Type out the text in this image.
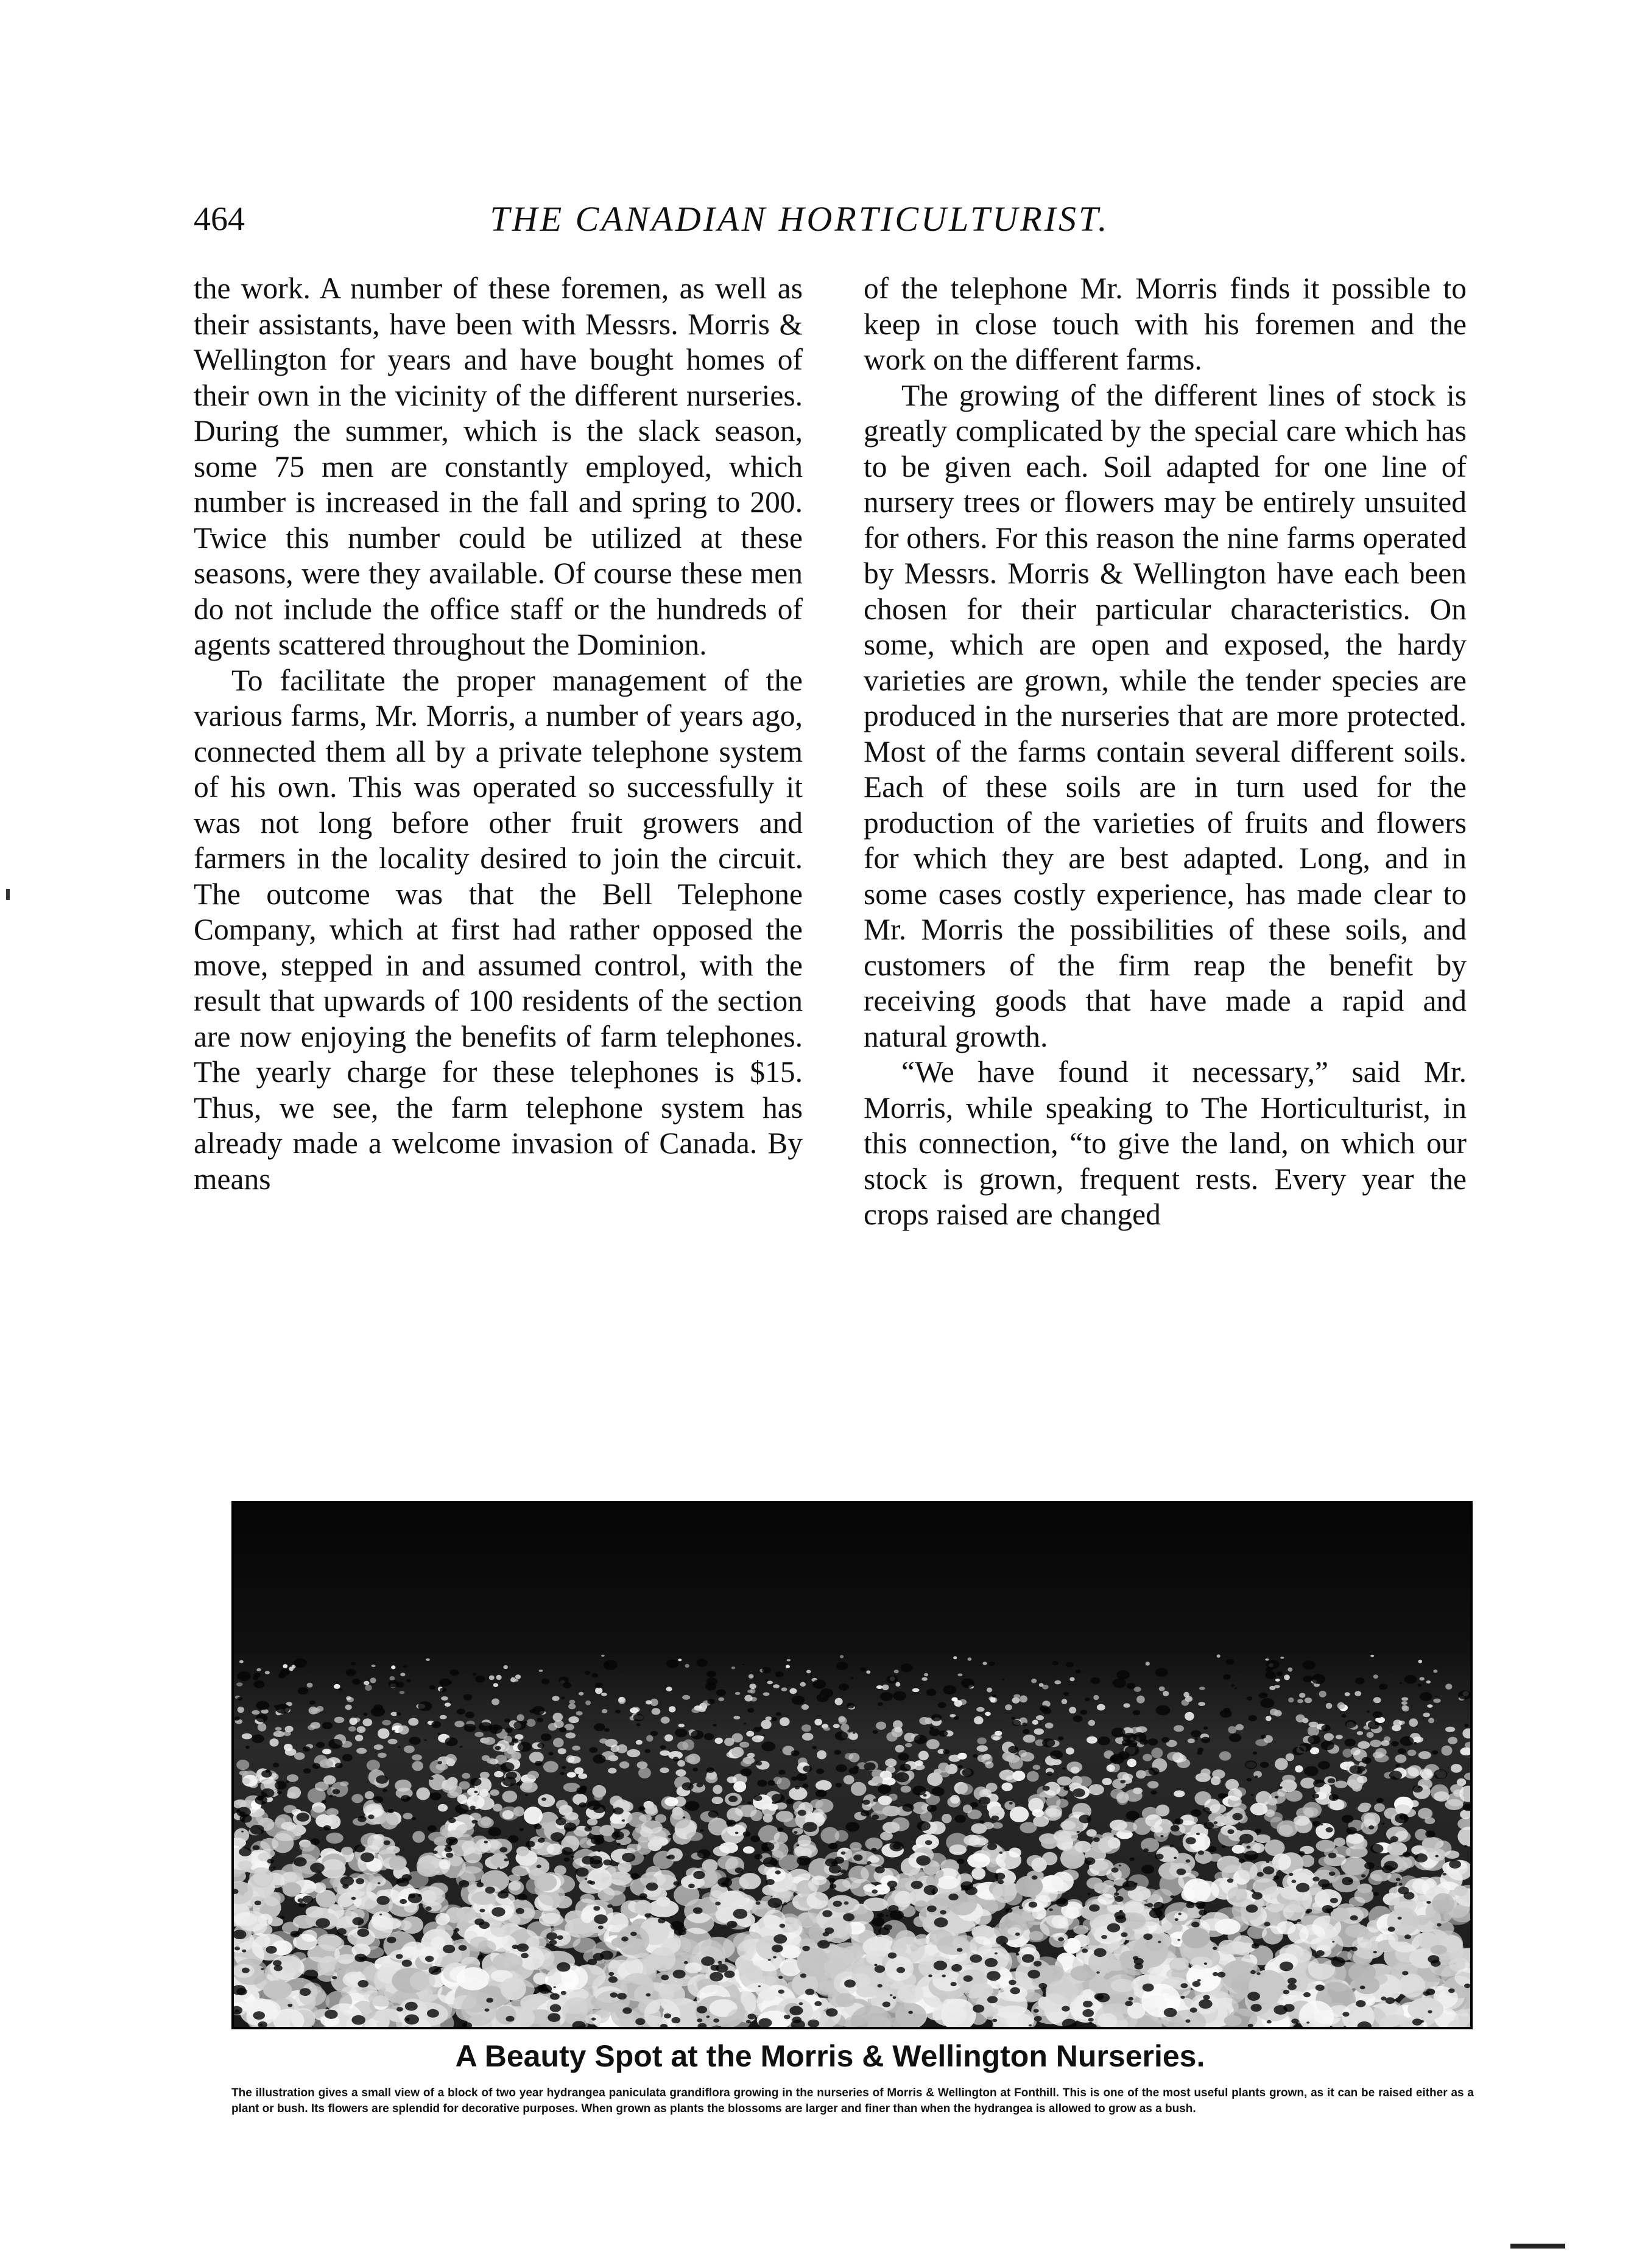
464	THE CANADIAN HORTICULTURIST.

the work. A number of these foremen, as well as their assistants, have been with Messrs. Morris & Wellington for years and have bought homes of their own in the vicinity of the different nurseries. During the summer, which is the slack season, some 75 men are constantly employed, which number is increased in the fall and spring to 200. Twice this number could be utilized at these seasons, were they available. Of course these men do not include the office staff or the hundreds of agents scattered throughout the Dominion.

To facilitate the proper management of the various farms, Mr. Morris, a number of years ago, connected them all by a private telephone system of his own. This was operated so successfully it was not long before other fruit growers and farmers in the locality desired to join the circuit. The outcome was that the Bell Telephone Company, which at first had rather opposed the move, stepped in and assumed control, with the result that upwards of 100 residents of the section are now enjoying the benefits of farm telephones. The yearly charge for these telephones is $15. Thus, we see, the farm telephone system has already made a welcome invasion of Canada. By means

of the telephone Mr. Morris finds it possible to keep in close touch with his foremen and the work on the different farms.

The growing of the different lines of stock is greatly complicated by the special care which has to be given each. Soil adapted for one line of nursery trees or flowers may be entirely unsuited for others. For this reason the nine farms operated by Messrs. Morris & Wellington have each been chosen for their particular characteristics. On some, which are open and exposed, the hardy varieties are grown, while the tender species are produced in the nurseries that are more protected. Most of the farms contain several different soils. Each of these soils are in turn used for the production of the varieties of fruits and flowers for which they are best adapted. Long, and in some cases costly experience, has made clear to Mr. Morris the possibilities of these soils, and customers of the firm reap the benefit by receiving goods that have made a rapid and natural growth.

“We have found it necessary,” said Mr. Morris, while speaking to The Horticulturist, in this connection, “to give the land, on which our stock is grown, frequent rests. Every year the crops raised are changed

A Beauty Spot at the Morris & Wellington Nurseries.
The illustration gives a small view of a block of two year hydrangea paniculata grandiflora growing in the nurseries of Morris & Wellington at Fonthill. This is one of the most useful plants grown, as it can be raised either as a plant or bush. Its flowers are splendid for decorative purposes. When grown as plants the blossoms are larger and finer than when the hydrangea is allowed to grow as a bush.
